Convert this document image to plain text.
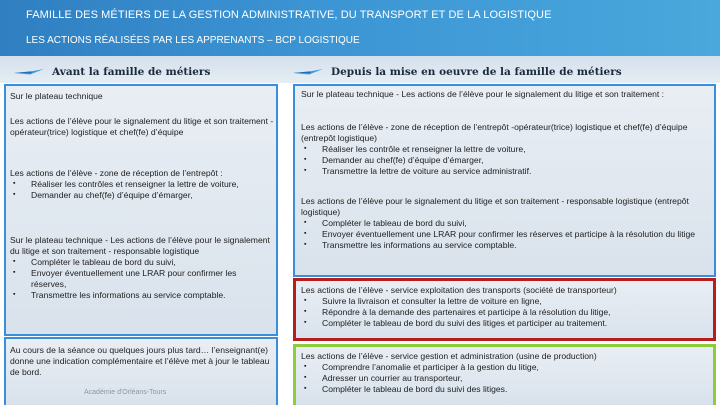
FAMILLE DES MÉTIERS DE LA GESTION ADMINISTRATIVE, DU TRANSPORT ET DE LA LOGISTIQUE
LES ACTIONS RÉALISÉES PAR LES APPRENANTS – BCP LOGISTIQUE
Avant la famille de métiers	Depuis la mise en oeuvre de la famille de métiers
Sur le plateau technique
Les actions de l’élève pour le signalement du litige et son traitement - opérateur(trice) logistique et chef(fe) d’équipe
Les actions de l’élève - zone de réception de l’entrepôt :
▪ Réaliser les contrôles et renseigner la lettre de voiture,
▪ Demander au chef(fe) d’équipe d’émarger,
Sur le plateau technique - Les actions de l’élève pour le signalement du litige et son traitement - responsable logistique
▪ Compléter le tableau de bord du suivi,
▪ Envoyer éventuellement une LRAR pour confirmer les réserves,
▪ Transmettre les informations au service comptable.
Au cours de la séance ou quelques jours plus tard… l’enseignant(e) donne une indication complémentaire et l’élève met à jour le tableau de bord.
Sur le plateau technique - Les actions de l’élève pour le signalement du litige et son traitement :
Les actions de l’élève - zone de réception de l’entrepôt -opérateur(trice) logistique et chef(fe) d’équipe (entrepôt logistique)
▪ Réaliser les contrôle et renseigner la lettre de voiture,
▪ Demander au chef(fe) d’équipe d’émarger,
▪ Transmettre la lettre de voiture au service administratif.
Les actions de l’élève pour le signalement du litige et son traitement - responsable logistique (entrepôt logistique)
▪ Compléter le tableau de bord du suivi,
▪ Envoyer éventuellement une LRAR pour confirmer les réserves et participe à la résolution du litige
▪ Transmettre les informations au service comptable.
Les actions de l’élève - service exploitation des transports (société de transporteur)
▪ Suivre la livraison et consulter la lettre de voiture en ligne,
▪ Répondre à la demande des partenaires et participe à la résolution du litige,
▪ Compléter le tableau de bord du suivi des litiges et participer au traitement.
Les actions de l’élève - service gestion et administration (usine de production)
▪ Comprendre l’anomalie et participer à la gestion du litige,
▪ Adresser un courrier au transporteur,
▪ Compléter le tableau de bord du suivi des litiges.
Académie d'Orléans-Tours
